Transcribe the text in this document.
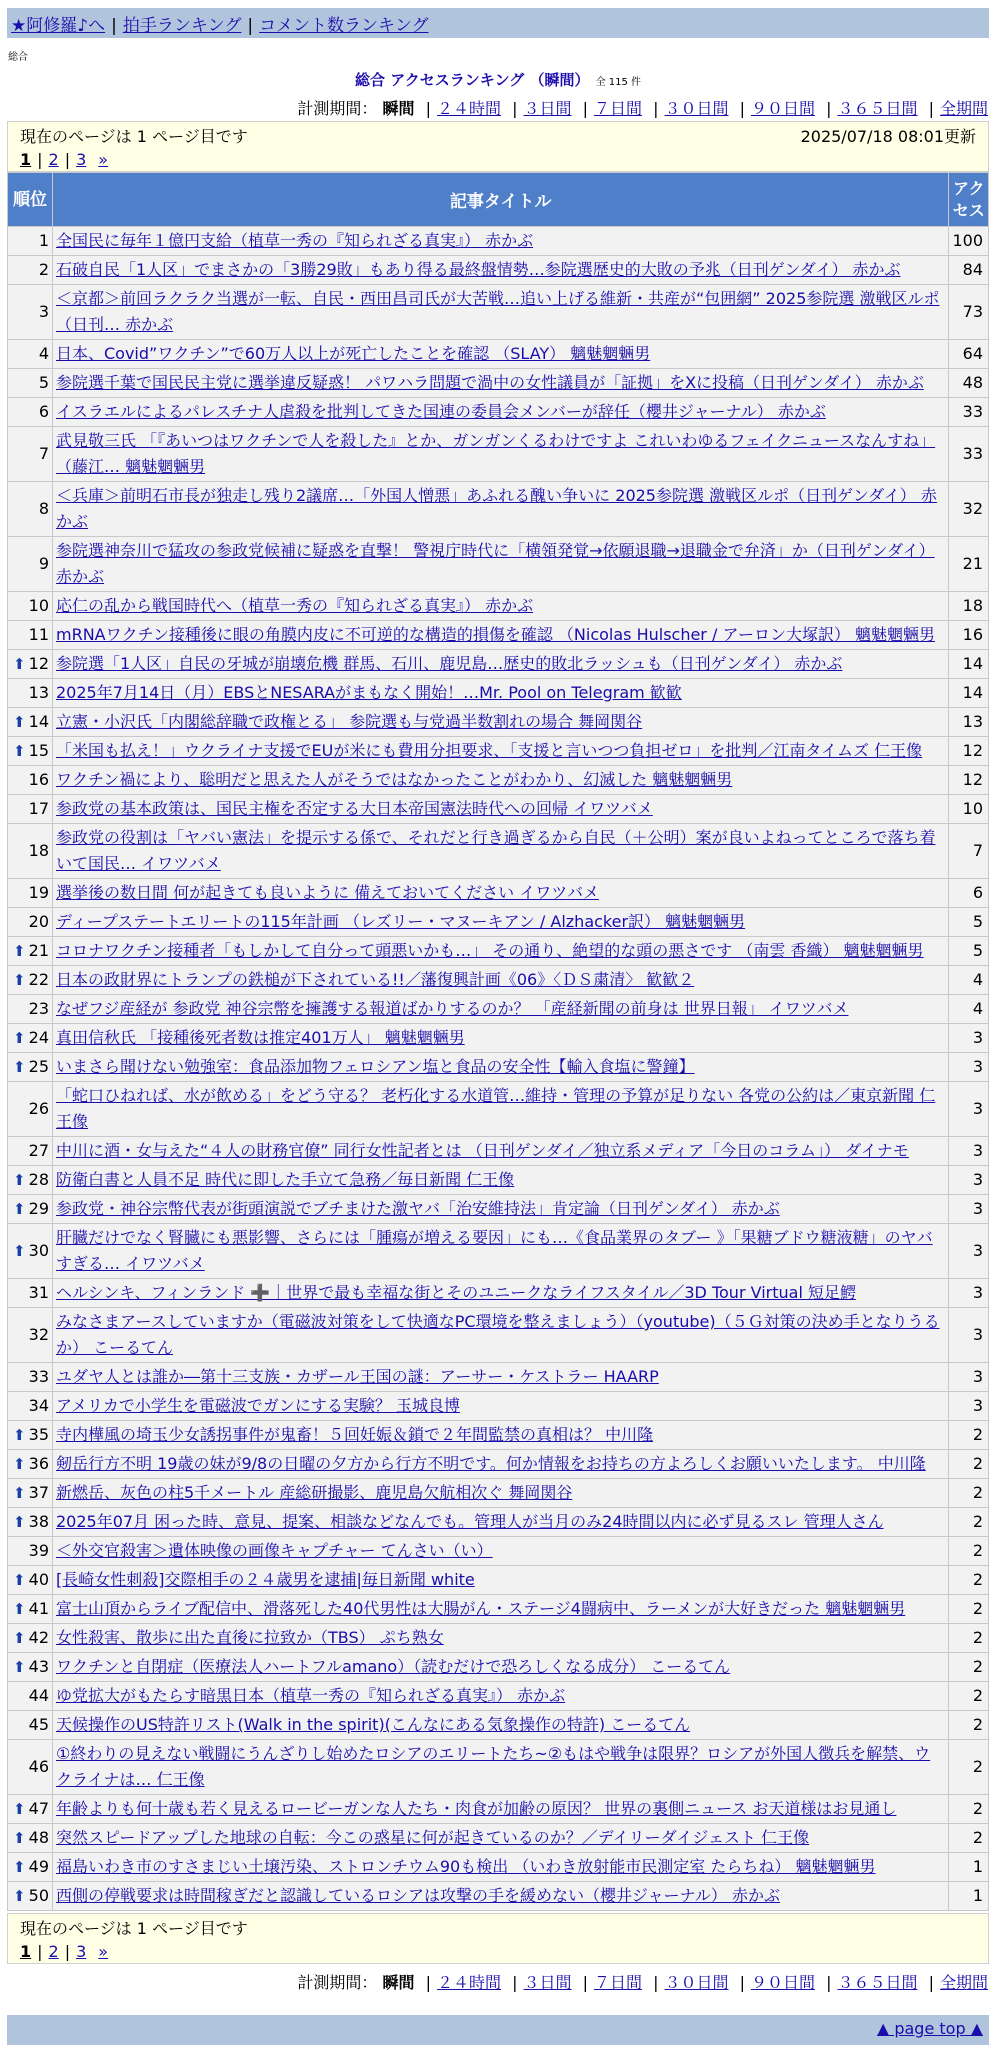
★阿修羅♪へ | 拍手ランキング | コメント数ランキング
総合
総合 アクセスランキング （瞬間） 全 115 件
計測期間： 瞬間 | ２４時間 | ３日間 | ７日間 | ３０日間 | ９０日間 | ３６５日間 | 全期間
現在のページは 1 ページ目です	2025/07/18 08:01更新
1 | 2 | 3 »
順位	記事タイトル	アクセス
1	全国民に毎年１億円支給（植草一秀の『知られざる真実』） 赤かぶ	100
2	石破自民「1人区」でまさかの「3勝29敗」もあり得る最終盤情勢…参院選歴史的大敗の予兆（日刊ゲンダイ） 赤かぶ	84
3	＜京都＞前回ラクラク当選が一転、自民・西田昌司氏が大苦戦…追い上げる維新・共産が“包囲網” 2025参院選 激戦区ルポ（日刊… 赤かぶ	73
4	日本、Covid”ワクチン”で60万人以上が死亡したことを確認 （SLAY） 魑魅魍魎男	64
5	参院選千葉で国民民主党に選挙違反疑惑！ パワハラ問題で渦中の女性議員が「証拠」をXに投稿（日刊ゲンダイ） 赤かぶ	48
6	イスラエルによるパレスチナ人虐殺を批判してきた国連の委員会メンバーが辞任（櫻井ジャーナル） 赤かぶ	33
7	武見敬三氏 「『あいつはワクチンで人を殺した』とか、ガンガンくるわけですよ これいわゆるフェイクニュースなんすね」 （藤江… 魑魅魍魎男	33
8	＜兵庫＞前明石市長が独走し残り2議席…「外国人憎悪」あふれる醜い争いに 2025参院選 激戦区ルポ（日刊ゲンダイ） 赤かぶ	32
9	参院選神奈川で猛攻の参政党候補に疑惑を直撃！ 警視庁時代に「横領発覚→依願退職→退職金で弁済」か（日刊ゲンダイ） 赤かぶ	21
10	応仁の乱から戦国時代へ（植草一秀の『知られざる真実』） 赤かぶ	18
11	mRNAワクチン接種後に眼の角膜内皮に不可逆的な構造的損傷を確認 （Nicolas Hulscher / アーロン大塚訳） 魑魅魍魎男	16

⬆ 12	参院選「1人区」自民の牙城が崩壊危機 群馬、石川、鹿児島…歴史的敗北ラッシュも（日刊ゲンダイ） 赤かぶ	14
13	2025年7月14日（月）EBSとNESARAがまもなく開始！…Mr. Pool on Telegram 歓歓	14

⬆ 14	立憲・小沢氏「内閣総辞職で政権とる」 参院選も与党過半数割れの場合 舞岡関谷	13

⬆ 15	「米国も払え！」ウクライナ支援でEUが米にも費用分担要求、「支援と言いつつ負担ゼロ」を批判／江南タイムズ 仁王像	12
16	ワクチン禍により、聡明だと思えた人がそうではなかったことがわかり、幻滅した 魑魅魍魎男	12
17	参政党の基本政策は、国民主権を否定する大日本帝国憲法時代への回帰 イワツバメ	10
18	参政党の役割は「ヤバい憲法」を提示する係で、それだと行き過ぎるから自民（＋公明）案が良いよねってところで落ち着いて国民… イワツバメ	7
19	選挙後の数日間 何が起きても良いように 備えておいてください イワツバメ	6
20	ディープステートエリートの115年計画 （レズリー・マヌーキアン / Alzhacker訳） 魑魅魍魎男	5

⬆ 21	コロナワクチン接種者「もしかして自分って頭悪いかも…」 その通り、絶望的な頭の悪さです （南雲 香織） 魑魅魍魎男	5

⬆ 22	日本の政財界にトランプの鉄槌が下されている!!／藩復興計画《06》〈ＤＳ粛清〉 歓歓２	4
23	なぜフジ産経が 参政党 神谷宗幣を擁護する報道ばかりするのか？ 「産経新聞の前身は 世界日報」 イワツバメ	4

⬆ 24	真田信秋氏 「接種後死者数は推定401万人」 魑魅魍魎男	3

⬆ 25	いまさら聞けない勉強室：食品添加物フェロシアン塩と食品の安全性【輸入食塩に警鐘】	3
26	「蛇口ひねれば、水が飲める」をどう守る？ 老朽化する水道管…維持・管理の予算が足りない 各党の公約は／東京新聞 仁王像	3
27	中川に酒・女与えた“４人の財務官僚” 同行女性記者とは （日刊ゲンダイ／独立系メディア「今日のコラム」） ダイナモ	3

⬆ 28	防衛白書と人員不足 時代に即した手立て急務／毎日新聞 仁王像	3

⬆ 29	参政党・神谷宗幣代表が街頭演説でブチまけた激ヤバ「治安維持法」肯定論（日刊ゲンダイ） 赤かぶ	3

⬆ 30	肝臓だけでなく腎臓にも悪影響、さらには「腫瘍が増える要因」にも…《食品業界のタブー 》「果糖ブドウ糖液糖」のヤバすぎる… イワツバメ	3
31	ヘルシンキ、フィンランド ➕｜世界で最も幸福な街とそのユニークなライフスタイル／3D Tour Virtual 短足鰐	3
32	みなさまアースしていますか（電磁波対策をして快適なPC環境を整えましょう）（youtube)（５Ｇ対策の決め手となりうるか） こーるてん	3
33	ユダヤ人とは誰か―第十三支族・カザール王国の謎：アーサー・ケストラー HAARP	3
34	アメリカで小学生を電磁波でガンにする実験？ 玉城良博	3

⬆ 35	寺内樺風の埼玉少女誘拐事件が鬼畜！５回妊娠＆鎖で２年間監禁の真相は？ 中川隆	2

⬆ 36	剱岳行方不明 19歳の妹が9/8の日曜の夕方から行方不明です。何か情報をお持ちの方よろしくお願いいたします。 中川隆	2

⬆ 37	新燃岳、灰色の柱5千メートル 産総研撮影、鹿児島欠航相次ぐ 舞岡関谷	2

⬆ 38	2025年07月 困った時、意見、提案、相談などなんでも。管理人が当月のみ24時間以内に必ず見るスレ 管理人さん	2
39	＜外交官殺害＞遺体映像の画像キャプチャー てんさい（い）	2

⬆ 40	[長崎女性刺殺]交際相手の２４歳男を逮捕|毎日新聞 white	2

⬆ 41	富士山頂からライブ配信中、滑落死した40代男性は大腸がん・ステージ4闘病中、ラーメンが大好きだった 魑魅魍魎男	2

⬆ 42	女性殺害、散歩に出た直後に拉致か（TBS） ぷち熟女	2

⬆ 43	ワクチンと自閉症（医療法人ハートフルamano）（読むだけで恐ろしくなる成分） こーるてん	2
44	ゆ党拡大がもたらす暗黒日本（植草一秀の『知られざる真実』） 赤かぶ	2
45	天候操作のUS特許リスト(Walk in the spirit)(こんなにある気象操作の特許) こーるてん	2
46	①終わりの見えない戦闘にうんざりし始めたロシアのエリートたち~②もはや戦争は限界？ロシアが外国人徴兵を解禁、ウクライナは… 仁王像	2

⬆ 47	年齢よりも何十歳も若く見えるロービーガンな人たち・肉食が加齢の原因？ 世界の裏側ニュース お天道様はお見通し	2

⬆ 48	突然スピードアップした地球の自転：今この惑星に何が起きているのか？／デイリーダイジェスト 仁王像	2

⬆ 49	福島いわき市のすさまじい土壌汚染、ストロンチウム90も検出 （いわき放射能市民測定室 たらちね） 魑魅魍魎男	1

⬆ 50	西側の停戦要求は時間稼ぎだと認識しているロシアは攻撃の手を緩めない（櫻井ジャーナル） 赤かぶ	1
現在のページは 1 ページ目です
1 | 2 | 3 »
計測期間： 瞬間 | ２４時間 | ３日間 | ７日間 | ３０日間 | ９０日間 | ３６５日間 | 全期間
▲ page top ▲
